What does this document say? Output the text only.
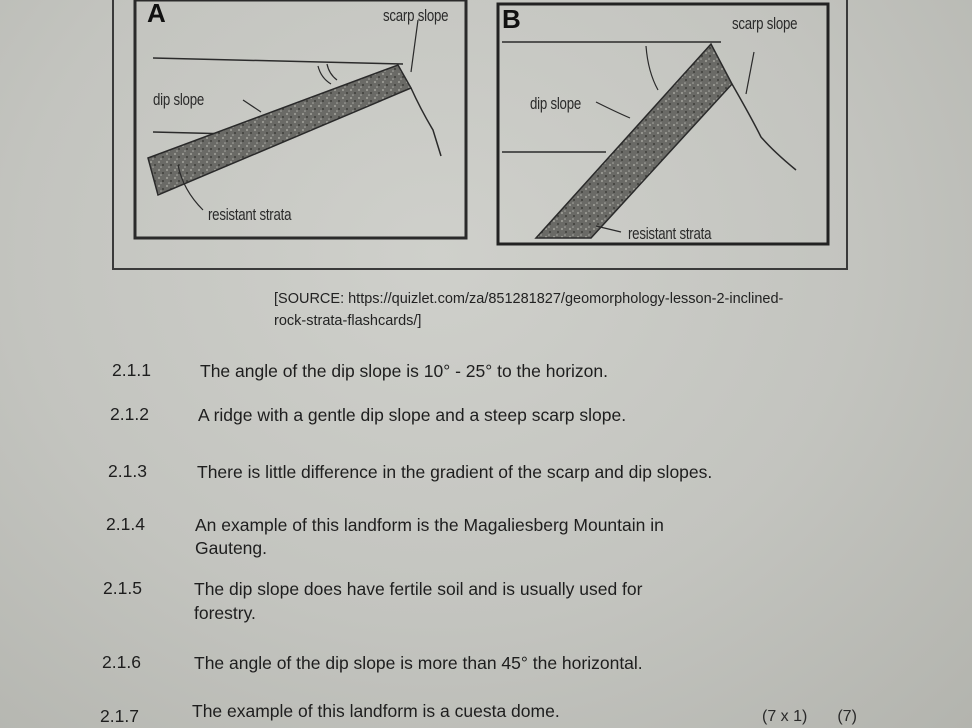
A	scarp slope
dip slope
resistant strata
B	scarp slope
dip slope
resistant strata
[SOURCE: https://quizlet.com/za/851281827/geomorphology-lesson-2-inclined-
rock-strata-flashcards/]
2.1.1	The angle of the dip slope is 10° - 25° to the horizon.
2.1.2	A ridge with a gentle dip slope and a steep scarp slope.
2.1.3	There is little difference in the gradient of the scarp and dip slopes.
2.1.4	An example of this landform is the Magaliesberg Mountain in
Gauteng.
2.1.5	The dip slope does have fertile soil and is usually used for
forestry.
2.1.6	The angle of the dip slope is more than 45° the horizontal.
2.1.7	The example of this landform is a cuesta dome.	(7 x 1) (7)
